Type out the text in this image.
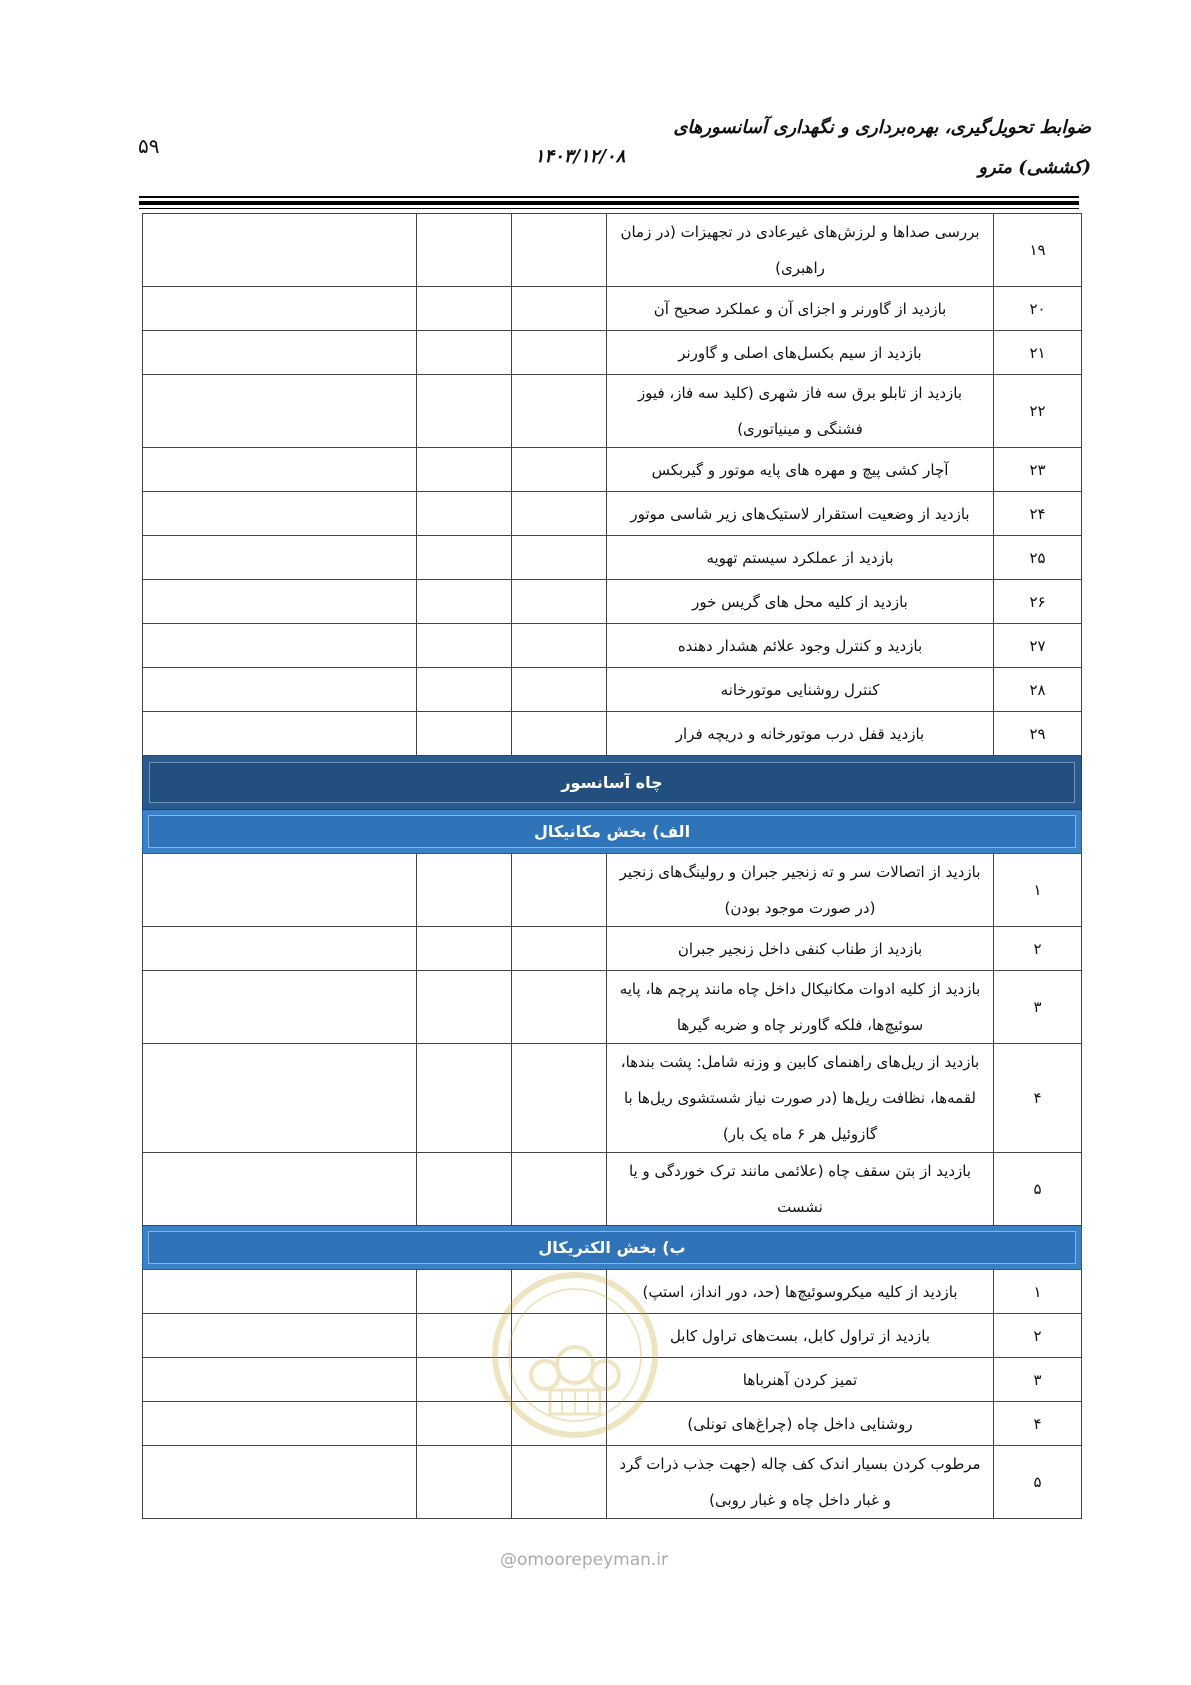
ضوابط تحویل‌گیری، بهره‌برداری و نگهداری آسانسورهای
(کششی) مترو
۱۴۰۳/۱۲/۰۸
۵۹
۱۹	بررسی صداها و لرزش‌های غیرعادی در تجهیزات (در زمان راهبری)			
۲۰	بازدید از گاورنر و اجزای آن و عملکرد صحیح آن			
۲۱	بازدید از سیم بکسل‌های اصلی و گاورنر			
۲۲	بازدید از تابلو برق سه فاز شهری (کلید سه فاز، فیوز فشنگی و مینیاتوری)			
۲۳	آچار کشی پیچ و مهره های پایه موتور و گیربکس			
۲۴	بازدید از وضعیت استقرار لاستیک‌های زیر شاسی موتور			
۲۵	بازدید از عملکرد سیستم تهویه			
۲۶	بازدید از کلیه محل های گریس خور			
۲۷	بازدید و کنترل وجود علائم هشدار دهنده			
۲۸	کنترل روشنایی موتورخانه			
۲۹	بازدید قفل درب موتورخانه و دریچه فرار			
چاه آسانسور				
الف) بخش مکانیکال				
۱	بازدید از اتصالات سر و ته زنجیر جبران و رولینگ‌های زنجیر (در صورت موجود بودن)			
۲	بازدید از طناب کنفی داخل زنجیر جبران			
۳	بازدید از کلیه ادوات مکانیکال داخل چاه مانند پرچم ها، پایه سوئیچ‌ها، فلکه گاورنر چاه و ضربه گیرها			
۴	بازدید از ریل‌های راهنمای کابین و وزنه شامل: پشت بندها، لقمه‌ها، نظافت ریل‌ها (در صورت نیاز شستشوی ریل‌ها با گازوئیل هر ۶ ماه یک بار)			
۵	بازدید از بتن سقف چاه (علائمی مانند ترک خوردگی و یا نشست			
ب) بخش الکتریکال				
۱	بازدید از کلیه میکروسوئیچ‌ها (حد، دور انداز، استپ)			
۲	بازدید از تراول کابل، بست‌های تراول کابل			
۳	تمیز کردن آهنرباها			
۴	روشنایی داخل چاه (چراغ‌های تونلی)			
۵	مرطوب کردن بسیار اندک کف چاله (جهت جذب ذرات گرد و غبار داخل چاه و غبار روبی)			
@omoorepeyman.ir
